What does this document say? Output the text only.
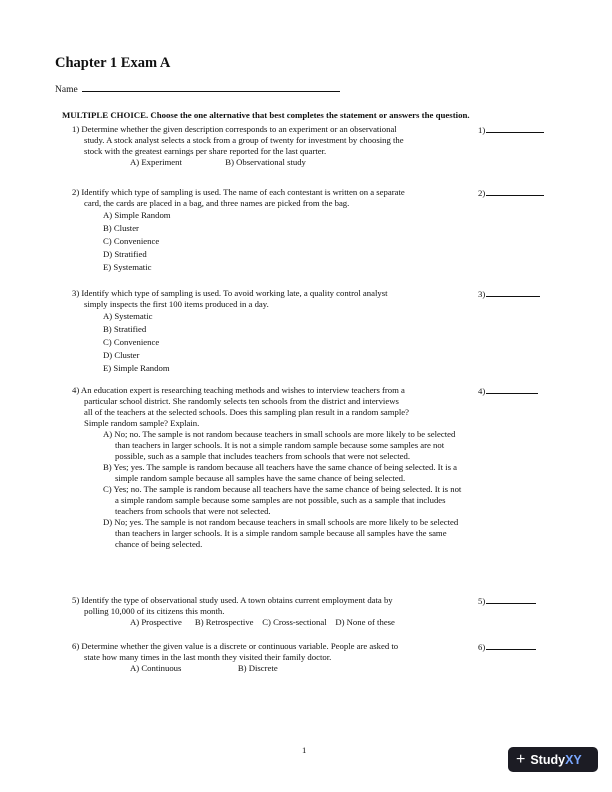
Chapter 1 Exam A
Name
MULTIPLE CHOICE. Choose the one alternative that best completes the statement or answers the question.
1) Determine whether the given description corresponds to an experiment or an observational
study. A stock analyst selects a stock from a group of twenty for investment by choosing the
stock with the greatest earnings per share reported for the last quarter.
A) Experiment                    B) Observational study
1)
2) Identify which type of sampling is used. The name of each contestant is written on a separate
card, the cards are placed in a bag, and three names are picked from the bag.
A) Simple Random
B) Cluster
C) Convenience
D) Stratified
E) Systematic
2)
3) Identify which type of sampling is used. To avoid working late, a quality control analyst
simply inspects the first 100 items produced in a day.
A) Systematic
B) Stratified
C) Convenience
D) Cluster
E) Simple Random
3)
4) An education expert is researching teaching methods and wishes to interview teachers from a
particular school district. She randomly selects ten schools from the district and interviews
all of the teachers at the selected schools. Does this sampling plan result in a random sample?
Simple random sample? Explain.
A) No; no. The sample is not random because teachers in small schools are more likely to be selected than teachers in larger schools. It is not a simple random sample because some samples are not possible, such as a sample that includes teachers from schools that were not selected.
B) Yes; yes. The sample is random because all teachers have the same chance of being selected. It is a simple random sample because all samples have the same chance of being selected.
C) Yes; no. The sample is random because all teachers have the same chance of being selected. It is not a simple random sample because some samples are not possible, such as a sample that includes teachers from schools that were not selected.
D) No; yes. The sample is not random because teachers in small schools are more likely to be selected than teachers in larger schools. It is a simple random sample because all samples have the same chance of being selected.
4)
5) Identify the type of observational study used. A town obtains current employment data by
polling 10,000 of its citizens this month.
A) Prospective      B) Retrospective    C) Cross-sectional    D) None of these
5)
6) Determine whether the given value is a discrete or continuous variable. People are asked to
state how many times in the last month they visited their family doctor.
A) Continuous                          B) Discrete
6)
1
+ Study XY
